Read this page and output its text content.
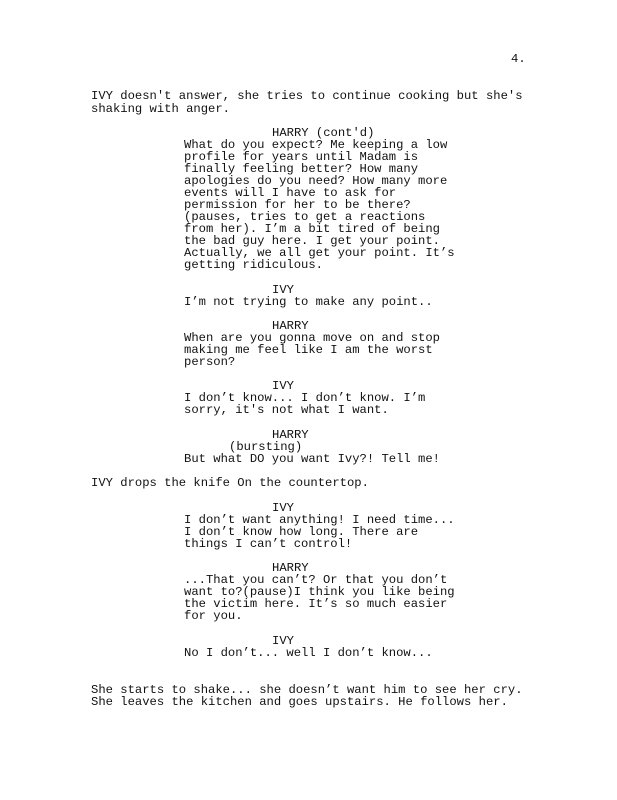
4.
IVY doesn't answer, she tries to continue cooking but she's
shaking with anger.
HARRY (cont'd)
What do you expect? Me keeping a low
profile for years until Madam is
finally feeling better? How many
apologies do you need? How many more
events will I have to ask for
permission for her to be there?
(pauses, tries to get a reactions
from her). I’m a bit tired of being
the bad guy here. I get your point.
Actually, we all get your point. It’s
getting ridiculous.
IVY
I’m not trying to make any point..
HARRY
When are you gonna move on and stop
making me feel like I am the worst
person?
IVY
I don’t know... I don’t know. I’m
sorry, it's not what I want.
HARRY
(bursting)
But what DO you want Ivy?! Tell me!
IVY drops the knife On the countertop.
IVY
I don’t want anything! I need time...
I don’t know how long. There are
things I can’t control!
HARRY
...That you can’t? Or that you don’t
want to?(pause)I think you like being
the victim here. It’s so much easier
for you.
IVY
No I don’t... well I don’t know...
She starts to shake... she doesn’t want him to see her cry.
She leaves the kitchen and goes upstairs. He follows her.
